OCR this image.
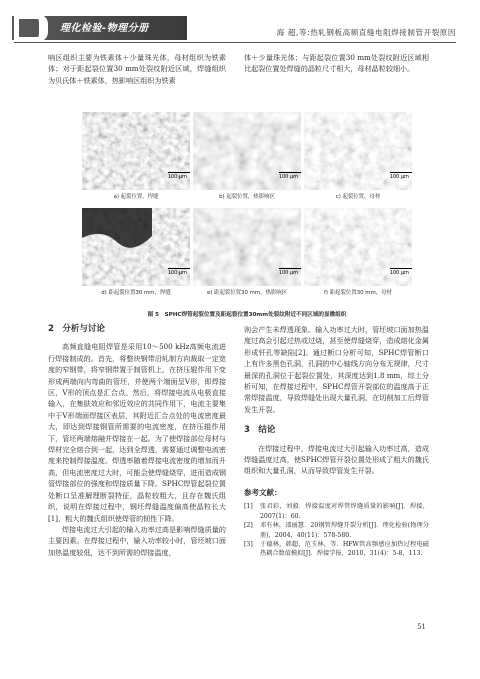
理化检验-物理分册	海 超,等:热轧钢板高频直缝电阻焊接制管开裂原因

响区组织主要为铁素体＋少量珠光体，母材组织为铁素体；对于距起裂位置30 mm处裂纹附近区域，焊缝组织为贝氏体＋铁素体，热影响区组织为铁素

体＋少量珠光体；与距起裂位置30 mm处裂纹附近区域相比起裂位置处焊缝的晶粒尺寸相大，母材晶粒较细小。

100 μm
a) 起裂位置，焊缝
100 μm
b) 起裂位置，热影响区
100 μm
c) 起裂位置，母材
100 μm
d) 距起裂位置30 mm，焊缝
100 μm
e) 距起裂位置30 mm，热影响区
100 μm
f) 距起裂位置30 mm，母材
图 5　SPHC焊管起裂位置及距起裂位置30mm处裂纹附近不同区域的显微组织

2　分析与讨论

高频直缝电阻焊管是采用10～500 kHz高频电流进行焊接制成的。首先，将整块钢带沿轧制方向裁取一定宽度的窄钢带，将窄钢带置于制管机上，在挤压辊作用下变形成两端向内弯曲的管坯，并使两个端面呈V形，即焊接区，V形的顶点是汇合点。然后，将焊接电流从电极直接输入，在集肤效应和邻近效应的共同作用下，电流主要集中于V形端面焊接区表层，其附近汇合点处的电流密度最大，即达到焊接钢管所需要的电流密度，在挤压辊作用下，管坯两端熔融并焊接在一起。为了使焊接部位母材与焊材完全熔合到一起，达到全焊透，需要通过调整电流密度来控制焊接温度。焊透率随着焊接电流密度的增加而升高，但电流密度过大时，可能会使焊缝烧穿，进而造成钢管焊接部位的强度和焊接质量下降。SPHC焊管起裂位置处断口呈准解理断裂特征，晶粒较粗大，且存在魏氏组织，说明在焊接过程中，钢坯焊缝温度偏高使晶粒长大[1]，粗大的魏氏组织使焊管的韧性下降。

焊接电流过大引起的输入功率过高是影响焊缝质量的主要因素。在焊接过程中，输入功率较小时，管坯坡口面加热温度较低，达不到所需的焊接温度，

则会产生未焊透现象。输入功率过大时，管坯坡口面加热温度过高会引起过热或过烧，甚至使焊缝烧穿，造成熔化金属形成钎孔等缺陷[2]。通过断口分析可知，SPHC焊管断口上有许多黑色孔洞，孔洞的中心轴线方向分布无规律，尺寸最深的孔洞位于起裂位置处，其深度达到1.8 mm，综上分析可知，在焊接过程中，SPHC焊管开裂部位的温度高于正常焊接温度，导致焊缝处出现大量孔洞，在切削加工后焊管发生开裂。

3　结论

在焊接过程中，焊接电流过大引起输入功率过高，造成焊缝温度过高，使SPHC焊管开裂位置处形成了粗大的魏氏组织和大量孔洞，从而导致焊管发生开裂。

参考文献：

[1]	张君彩，刘毅．焊接温度对焊管焊缝质量的影响[J]．焊接，2007(1)：60.
[2]	邓有林，邵丽慧．20钢管焊缝开裂分析[J]．理化检验(物理分册)，2004，40(11)：578-580.
[3]	于德林，韩超，范玉林，等．HFW管高频感应加热过程电磁热耦合数值模拟[J]．焊接学报，2010，31(4)：5-8，113.
51
